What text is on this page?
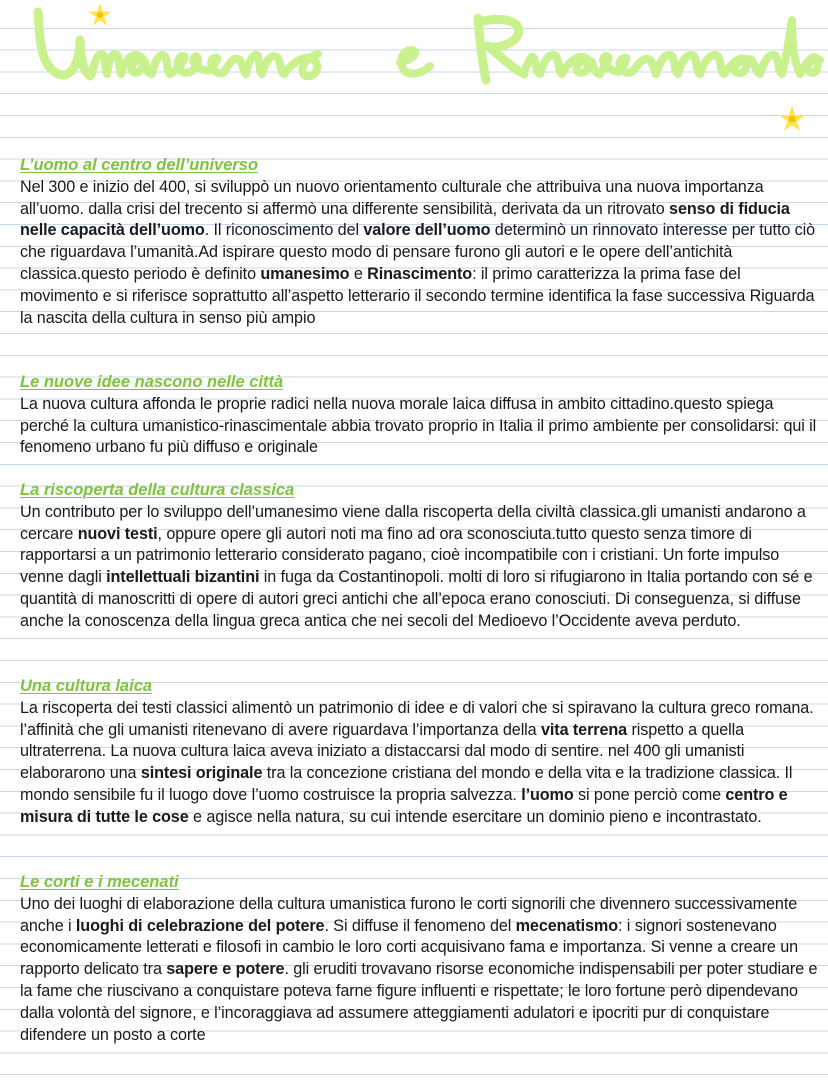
L’uomo al centro dell’universo

Nel 300 e inizio del 400, si sviluppò un nuovo orientamento culturale che attribuiva una nuova importanza all’uomo. dalla crisi del trecento si affermò una differente sensibilità, derivata da un ritrovato senso di fiducia nelle capacità dell’uomo. Il riconoscimento del valore dell’uomo determinò un rinnovato interesse per tutto ciò che riguardava l’umanità.Ad ispirare questo modo di pensare furono gli autori e le opere dell’antichità classica.questo periodo è definito umanesimo e Rinascimento: il primo caratterizza la prima fase del movimento e si riferisce soprattutto all’aspetto letterario il secondo termine identifica la fase successiva Riguarda la nascita della cultura in senso più ampio

Le nuove idee nascono nelle città

La nuova cultura affonda le proprie radici nella nuova morale laica diffusa in ambito cittadino.questo spiega perché la cultura umanistico-rinascimentale abbia trovato proprio in Italia il primo ambiente per consolidarsi: qui il fenomeno urbano fu più diffuso e originale

La riscoperta della cultura classica

Un contributo per lo sviluppo dell’umanesimo viene dalla riscoperta della civiltà classica.gli umanisti andarono a cercare nuovi testi, oppure opere gli autori noti ma fino ad ora sconosciuta.tutto questo senza timore di rapportarsi a un patrimonio letterario considerato pagano, cioè incompatibile con i cristiani. Un forte impulso venne dagli intellettuali bizantini in fuga da Costantinopoli. molti di loro si rifugiarono in Italia portando con sé e quantità di manoscritti di opere di autori greci antichi che all’epoca erano conosciuti. Di conseguenza, si diffuse anche la conoscenza della lingua greca antica che nei secoli del Medioevo l’Occidente aveva perduto.

Una cultura laica

La riscoperta dei testi classici alimentò un patrimonio di idee e di valori che si spiravano la cultura greco romana. l’affinità che gli umanisti ritenevano di avere riguardava l’importanza della vita terrena rispetto a quella ultraterrena. La nuova cultura laica aveva iniziato a distaccarsi dal modo di sentire. nel 400 gli umanisti elaborarono una sintesi originale tra la concezione cristiana del mondo e della vita e la tradizione classica. Il mondo sensibile fu il luogo dove l’uomo costruisce la propria salvezza. l’uomo si pone perciò come centro e misura di tutte le cose e agisce nella natura, su cui intende esercitare un dominio pieno e incontrastato.

Le corti e i mecenati

Uno dei luoghi di elaborazione della cultura umanistica furono le corti signorili che divennero successivamente anche i luoghi di celebrazione del potere. Si diffuse il fenomeno del mecenatismo: i signori sostenevano economicamente letterati e filosofi in cambio le loro corti acquisivano fama e importanza. Si venne a creare un rapporto delicato tra sapere e potere. gli eruditi trovavano risorse economiche indispensabili per poter studiare e la fame che riuscivano a conquistare poteva farne figure influenti e rispettate; le loro fortune però dipendevano dalla volontà del signore, e l’incoraggiava ad assumere atteggiamenti adulatori e ipocriti pur di conquistare difendere un posto a corte
